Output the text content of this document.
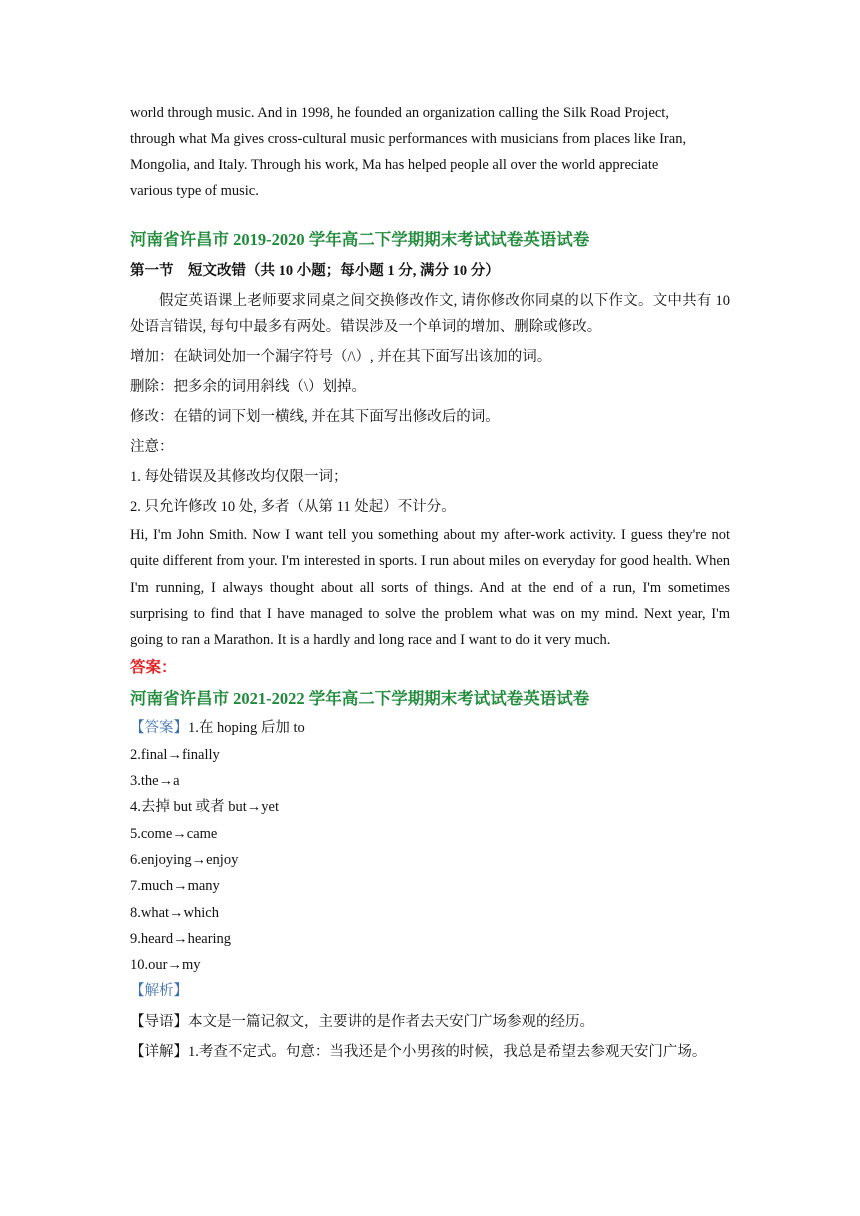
world through music. And in 1998, he founded an organization calling the Silk Road Project,
through what Ma gives cross-cultural music performances with musicians from places like Iran,
Mongolia, and Italy. Through his work, Ma has helped people all over the world appreciate
various type of music.
河南省许昌市 2019-2020 学年高二下学期期末考试试卷英语试卷
第一节　短文改错（共 10 小题；每小题 1 分, 满分 10 分）
假定英语课上老师要求同桌之间交换修改作文, 请你修改你同桌的以下作文。文中共有 10 处语言错误, 每句中最多有两处。错误涉及一个单词的增加、删除或修改。
增加：在缺词处加一个漏字符号（/\）, 并在其下面写出该加的词。
删除：把多余的词用斜线（\）划掉。
修改：在错的词下划一横线, 并在其下面写出修改后的词。
注意：
1. 每处错误及其修改均仅限一词；
2. 只允许修改 10 处, 多者（从第 11 处起）不计分。
Hi, I'm John Smith. Now I want tell you something about my after-work activity. I guess they're not quite different from your. I'm interested in sports. I run about miles on everyday for good health. When I'm running, I always thought about all sorts of things. And at the end of a run, I'm sometimes surprising to find that I have managed to solve the problem what was on my mind. Next year, I'm going to ran a Marathon. It is a hardly and long race and I want to do it very much.
答案：
河南省许昌市 2021-2022 学年高二下学期期末考试试卷英语试卷
【答案】1.在 hoping 后加 to
2.final→finally
3.the→a
4.去掉 but 或者 but→yet
5.come→came
6.enjoying→enjoy
7.much→many
8.what→which
9.heard→hearing
10.our→my
【解析】
【导语】本文是一篇记叙文，主要讲的是作者去天安门广场参观的经历。
【详解】1.考查不定式。句意：当我还是个小男孩的时候，我总是希望去参观天安门广场。
